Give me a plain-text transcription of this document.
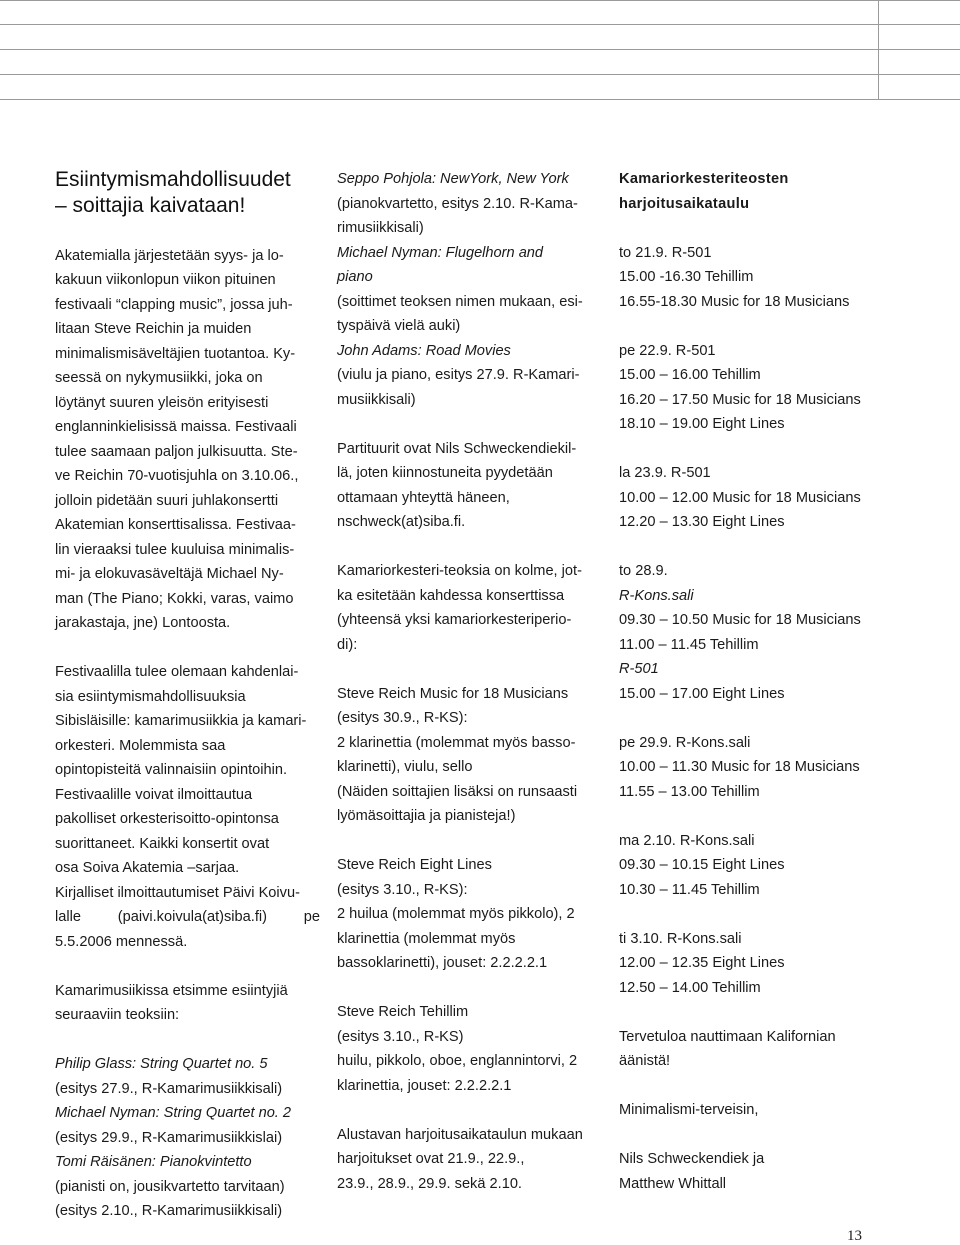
Esiintymismahdollisuudet

– soittajia kaivataan!

Akatemialla järjestetään syys- ja lo-

kakuun viikonlopun viikon pituinen

festivaali “clapping music”, jossa juh-

litaan Steve Reichin ja muiden

minimalismisäveltäjien tuotantoa. Ky-

seessä on nykymusiikki, joka on

löytänyt suuren yleisön erityisesti

englanninkielisissä maissa. Festivaali

tulee saamaan paljon julkisuutta. Ste-

ve Reichin 70-vuotisjuhla on 3.10.06.,

jolloin pidetään suuri juhlakonsertti

Akatemian konserttisalissa. Festivaa-

lin vieraaksi tulee kuuluisa minimalis-

mi- ja elokuvasäveltäjä Michael Ny-

man (The Piano; Kokki, varas, vaimo

jarakastaja, jne) Lontoosta.

Festivaalilla tulee olemaan kahdenlai-

sia esiintymismahdollisuuksia

Sibisläisille: kamarimusiikkia ja kamari-

orkesteri. Molemmista saa

opintopisteitä valinnaisiin opintoihin.

Festivaalille voivat ilmoittautua

pakolliset orkesterisoitto-opintonsa

suorittaneet. Kaikki konsertit ovat

osa Soiva Akatemia –sarjaa.

Kirjalliset ilmoittautumiset Päivi Koivu-

lalle	(paivi.koivula(at)siba.fi)	pe

5.5.2006 mennessä.

Kamarimusiikissa etsimme esiintyjiä

seuraaviin teoksiin:

Philip Glass: String Quartet no. 5

(esitys 27.9., R-Kamarimusiikkisali)

Michael Nyman: String Quartet no. 2

(esitys 29.9., R-Kamarimusiikkislai)

Tomi Räisänen: Pianokvintetto

(pianisti on, jousikvartetto tarvitaan)

(esitys 2.10., R-Kamarimusiikkisali)

Seppo Pohjola: NewYork, New York

(pianokvartetto, esitys 2.10. R-Kama-

rimusiikkisali)

Michael Nyman: Flugelhorn and

piano

(soittimet teoksen nimen mukaan, esi-

tyspäivä vielä auki)

John Adams: Road Movies

(viulu ja piano, esitys 27.9. R-Kamari-

musiikkisali)

Partituurit ovat Nils Schweckendiekil-

lä, joten kiinnostuneita pyydetään

ottamaan yhteyttä häneen,

nschweck(at)siba.fi.

Kamariorkesteri-teoksia on kolme, jot-

ka esitetään kahdessa konserttissa

(yhteensä yksi kamariorkesteriperio-

di):

Steve Reich Music for 18 Musicians

(esitys 30.9., R-KS):

2 klarinettia (molemmat myös basso-

klarinetti), viulu, sello

(Näiden soittajien lisäksi on runsaasti

lyömäsoittajia ja pianisteja!)

Steve Reich Eight Lines

(esitys 3.10., R-KS):

2 huilua (molemmat myös pikkolo), 2

klarinettia (molemmat myös

bassoklarinetti), jouset: 2.2.2.2.1

Steve Reich Tehillim

(esitys 3.10., R-KS)

huilu, pikkolo, oboe, englannintorvi, 2

klarinettia, jouset: 2.2.2.2.1

Alustavan harjoitusaikataulun mukaan

harjoitukset ovat 21.9., 22.9.,

23.9., 28.9., 29.9. sekä 2.10.

Kamariorkesteriteosten

harjoitusaikataulu

to 21.9. R-501

15.00 -16.30 Tehillim

16.55-18.30 Music for 18 Musicians

pe 22.9. R-501

15.00 – 16.00 Tehillim

16.20 – 17.50 Music for 18 Musicians

18.10 – 19.00 Eight Lines

la 23.9. R-501

10.00 – 12.00 Music for 18 Musicians

12.20 – 13.30 Eight Lines

to 28.9.

R-Kons.sali

09.30 – 10.50 Music for 18 Musicians

11.00 – 11.45 Tehillim

R-501

15.00 – 17.00 Eight Lines

pe 29.9. R-Kons.sali

10.00 – 11.30 Music for 18 Musicians

11.55 – 13.00 Tehillim

ma 2.10. R-Kons.sali

09.30 – 10.15 Eight Lines

10.30 – 11.45 Tehillim

ti 3.10. R-Kons.sali

12.00 – 12.35 Eight Lines

12.50 – 14.00 Tehillim

Tervetuloa nauttimaan Kalifornian

äänistä!

Minimalismi-terveisin,

Nils Schweckendiek ja

Matthew Whittall

13
